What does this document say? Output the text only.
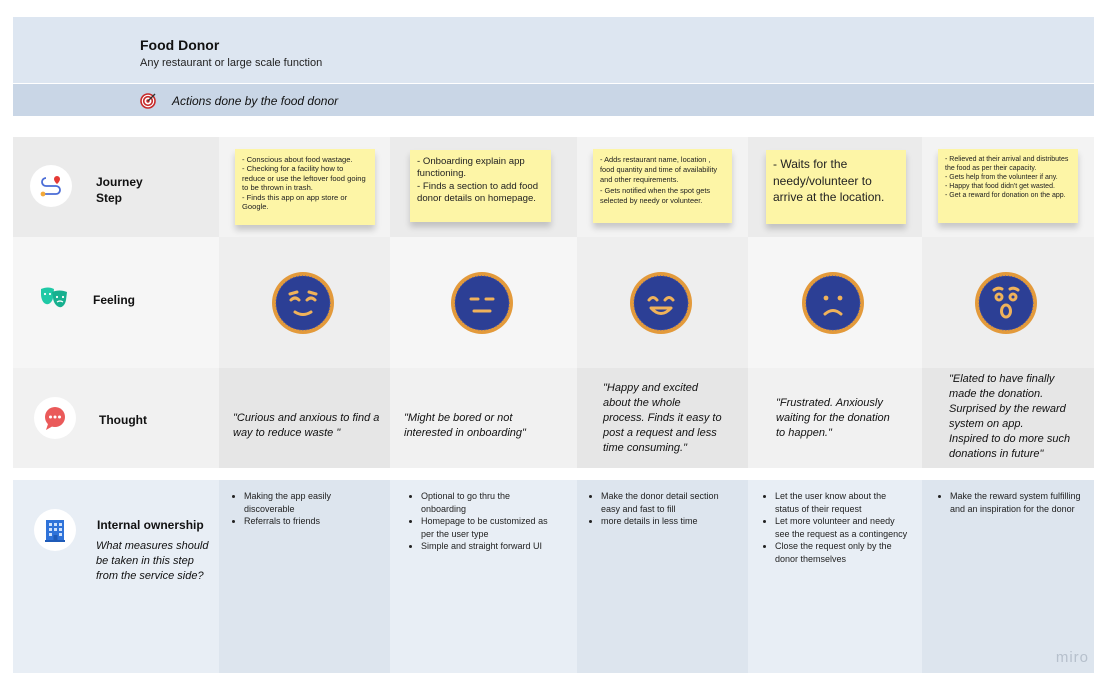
Food Donor
Any restaurant or large scale function
Actions done by the food donor
Journey
Step
Feeling
Thought
Internal ownership
What measures should
be taken in this step
from the service side?

- Conscious about food wastage.
- Checking for a facility how to reduce or use the leftover food going to be thrown in trash.
- Finds this app on app store or Google.

- Onboarding explain app functioning.
- Finds a section to add food donor details on homepage.

- Adds restaurant name, location , food quantity and time of availability and other requirements.
- Gets notified when the spot gets selected by needy or volunteer.

- Waits for the needy/volunteer to arrive at the location.

- Relieved at their arrival and distributes the food as per their capacity.
- Gets help from the volunteer if any.
- Happy that food didn't get wasted.
- Get a reward for donation on the app.

"Curious and anxious to find a way to reduce waste "
"Might be bored or not interested in onboarding"
"Happy and excited about the whole process. Finds it easy to post a request and less time consuming."
"Frustrated. Anxiously waiting for the donation to happen."
"Elated to have finally made the donation. Surprised by the reward system on app.
Inspired to do more such donations in future"
• Making the app easily discoverable
• Referrals to friends
• Optional to go thru the onboarding
• Homepage to be customized as per the user type
• Simple and straight forward UI
• Make the donor detail section easy and fast to fill
• more details in less time
• Let the user know about the status of their request
• Let more volunteer and needy see the request as a contingency
• Close the request only by the donor themselves
• Make the reward system fulfilling and an inspiration for the donor
miro
